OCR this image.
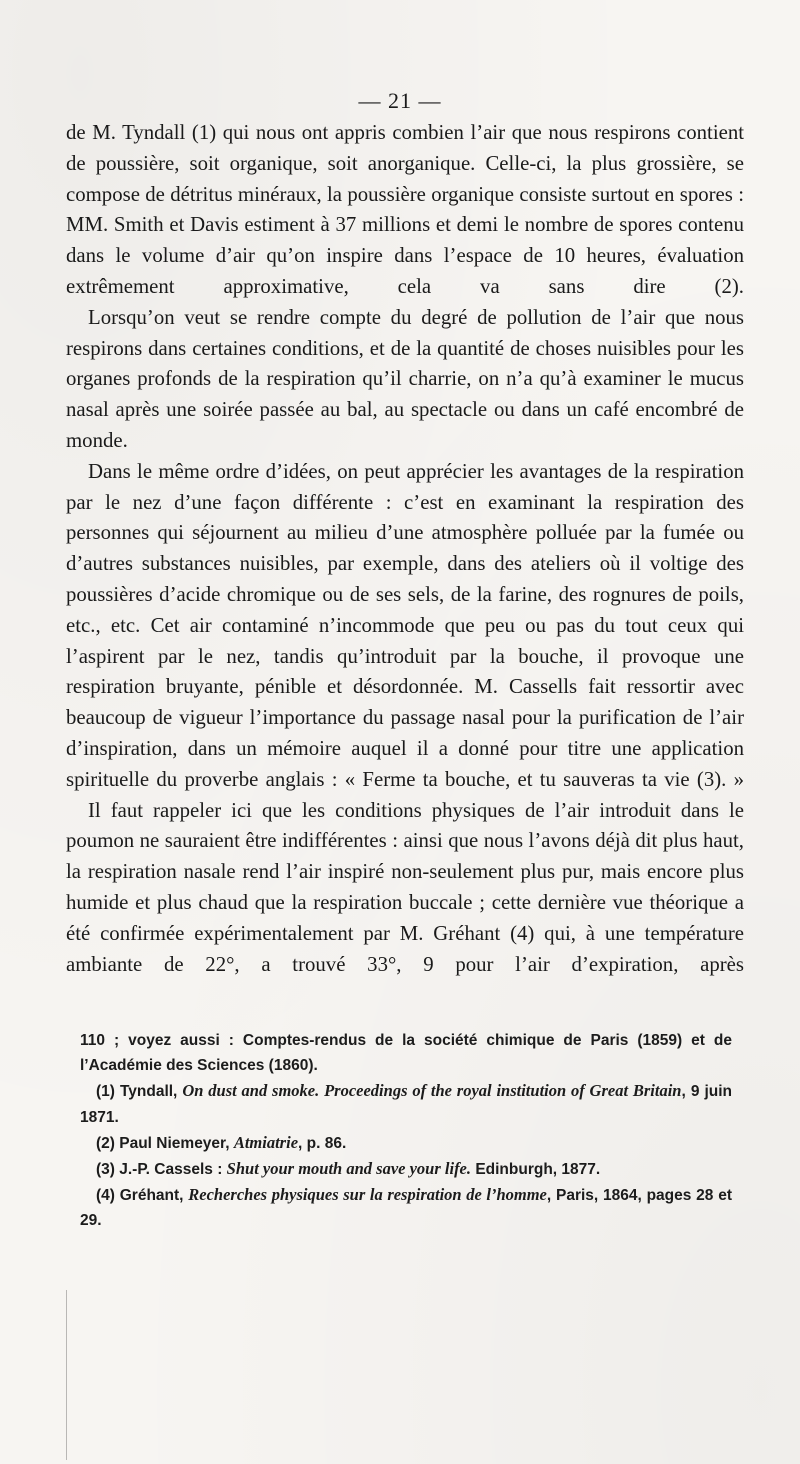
— 21 —

de M. Tyndall (1) qui nous ont appris combien l’air que nous respirons contient de poussière, soit organique, soit anorganique. Celle-ci, la plus grossière, se compose de détritus minéraux, la poussière organique consiste surtout en spores : MM. Smith et Davis estiment à 37 millions et demi le nombre de spores contenu dans le volume d’air qu’on inspire dans l’espace de 10 heures, évaluation extrêmement approximative, cela va sans dire (2).

Lorsqu’on veut se rendre compte du degré de pollution de l’air que nous respirons dans certaines conditions, et de la quantité de choses nuisibles pour les organes profonds de la respiration qu’il charrie, on n’a qu’à examiner le mucus nasal après une soirée passée au bal, au spectacle ou dans un café encombré de monde.

Dans le même ordre d’idées, on peut apprécier les avantages de la respiration par le nez d’une façon différente : c’est en examinant la respiration des personnes qui séjournent au milieu d’une atmosphère polluée par la fumée ou d’autres substances nuisibles, par exemple, dans des ateliers où il voltige des poussières d’acide chromique ou de ses sels, de la farine, des rognures de poils, etc., etc. Cet air contaminé n’incommode que peu ou pas du tout ceux qui l’aspirent par le nez, tandis qu’introduit par la bouche, il provoque une respiration bruyante, pénible et désordonnée. M. Cassells fait ressortir avec beaucoup de vigueur l’importance du passage nasal pour la purification de l’air d’inspiration, dans un mémoire auquel il a donné pour titre une application spirituelle du proverbe anglais : « Ferme ta bouche, et tu sauveras ta vie (3). »

Il faut rappeler ici que les conditions physiques de l’air introduit dans le poumon ne sauraient être indifférentes : ainsi que nous l’avons déjà dit plus haut, la respiration nasale rend l’air inspiré non-seulement plus pur, mais encore plus humide et plus chaud que la respiration buccale ; cette dernière vue théorique a été confirmée expérimentalement par M. Gréhant (4) qui, à une température ambiante de 22°, a trouvé 33°, 9 pour l’air d’expiration, après

110 ; voyez aussi : Comptes-rendus de la société chimique de Paris (1859) et de l’Académie des Sciences (1860).

(1) Tyndall, On dust and smoke. Proceedings of the royal institution of Great Britain, 9 juin 1871.

(2) Paul Niemeyer, Atmiatrie, p. 86.

(3) J.-P. Cassels : Shut your mouth and save your life. Edinburgh, 1877.

(4) Gréhant, Recherches physiques sur la respiration de l’homme, Paris, 1864, pages 28 et 29.
